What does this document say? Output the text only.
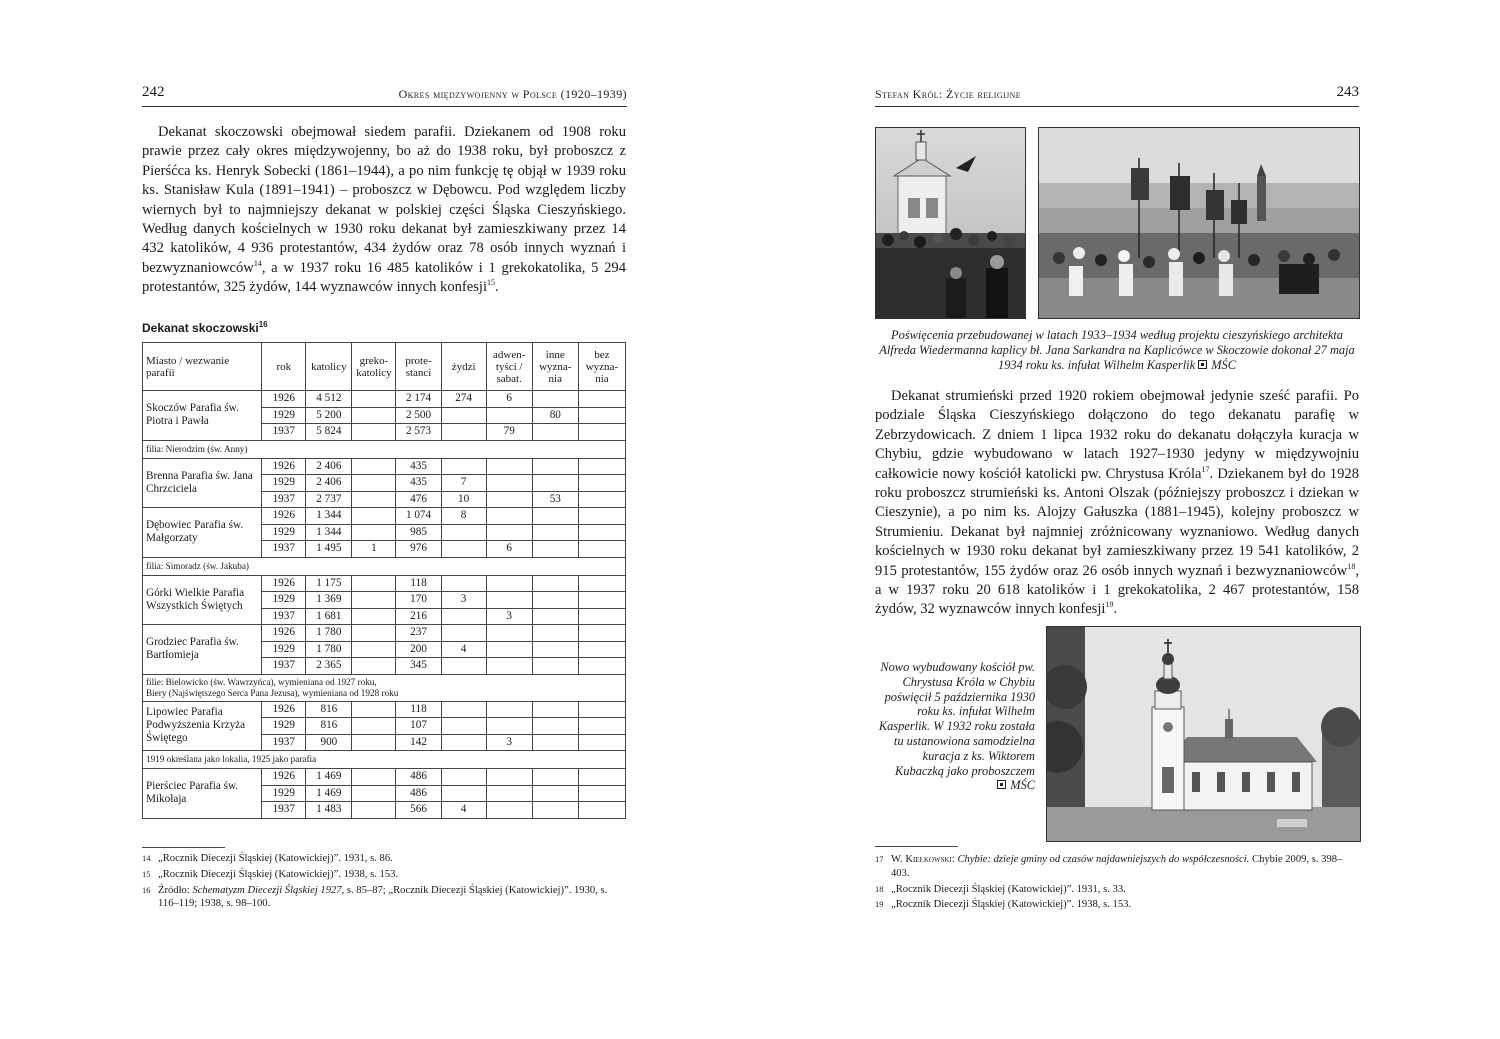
242	Okres międzywojenny w Polsce (1920–1939)

Dekanat skoczowski obejmował siedem parafii. Dziekanem od 1908 roku prawie przez cały okres międzywojenny, bo aż do 1938 roku, był proboszcz z Pierśćca ks. Henryk Sobecki (1861–1944), a po nim funkcję tę objął w 1939 roku ks. Stanisław Kula (1891–1941) – proboszcz w Dębowcu. Pod względem liczby wiernych był to najmniejszy dekanat w polskiej części Śląska Cieszyńskiego. Według danych kościelnych w 1930 roku dekanat był zamieszkiwany przez 14 432 katolików, 4 936 protestantów, 434 żydów oraz 78 osób innych wyznań i bezwyznaniowców$^{14}$, a w 1937 roku 16 485 katolików i 1 grekokatolika, 5 294 protestantów, 325 żydów, 144 wyznawców innych konfesji$^{15}$.

Dekanat skoczowski$^{16}$
Miasto / wezwanie parafii	rok	katolicy	greko-katolicy	prote-stanci	żydzi	adwen-tyści / sabat.	inne wyzna-nia	bez wyzna-nia
Skoczów Parafia św. Piotra i Pawła	1926	4 512		2 174	274	6		
	1929	5 200		2 500			80	
	1937	5 824		2 573		79		
filia: Nierodzim (św. Anny)								
Brenna Parafia św. Jana Chrzciciela	1926	2 406		435				
	1929	2 406		435	7			
	1937	2 737		476	10		53	
Dębowiec Parafia św. Małgorzaty	1926	1 344		1 074	8			
	1929	1 344		985				
	1937	1 495	1	976		6		
filia: Simoradz (św. Jakuba)								
Górki Wielkie Parafia Wszystkich Świętych	1926	1 175		118				
	1929	1 369		170	3			
	1937	1 681		216		3		
Grodziec Parafia św. Bartłomieja	1926	1 780		237				
	1929	1 780		200	4			
	1937	2 365		345				

filie: Bielowicko (św. Wawrzyńca), wymieniana od 1927 roku,
Biery (Najświętszego Serca Pana Jezusa), wymieniana od 1928 roku								

Lipowiec Parafia Podwyższenia Krzyża Świętego	1926	816		118				
	1929	816		107				
	1937	900		142		3		
1919 określana jako lokalia, 1925 jako parafia								
Pierściec Parafia św. Mikołaja	1926	1 469		486				
	1929	1 469		486				
	1937	1 483		566	4			
14 „Rocznik Diecezji Śląskiej (Katowickiej)”. 1931, s. 86.
15 „Rocznik Diecezji Śląskiej (Katowickiej)”. 1938, s. 153.
16 Źródło: Schematyzm Diecezji Śląskiej 1927, s. 85–87; „Rocznik Diecezji Śląskiej (Katowickiej)”. 1930, s. 116–119; 1938, s. 98–100.
Stefan Król: Życie religijne	243
Poświęcenia przebudowanej w latach 1933–1934 według projektu cieszyńskiego architekta Alfreda Wiedermanna kaplicy bł. Jana Sarkandra na Kaplicówce w Skoczowie dokonał 27 maja 1934 roku ks. infułat Wilhelm Kasperlik MŚC

Dekanat strumieński przed 1920 rokiem obejmował jedynie sześć parafii. Po podziale Śląska Cieszyńskiego dołączono do tego dekanatu parafię w Zebrzydowicach. Z dniem 1 lipca 1932 roku do dekanatu dołączyła kuracja w Chybiu, gdzie wybudowano w latach 1927–1930 jedyny w międzywojniu całkowicie nowy kościół katolicki pw. Chrystusa Króla$^{17}$. Dziekanem był do 1928 roku proboszcz strumieński ks. Antoni Olszak (późniejszy proboszcz i dziekan w Cieszynie), a po nim ks. Alojzy Gałuszka (1881–1945), kolejny proboszcz w Strumieniu. Dekanat był najmniej zróżnicowany wyznaniowo. Według danych kościelnych w 1930 roku dekanat był zamieszkiwany przez 19 541 katolików, 2 915 protestantów, 155 żydów oraz 26 osób innych wyznań i bezwyznaniowców$^{18}$, a w 1937 roku 20 618 katolików i 1 grekokatolika, 2 467 protestantów, 158 żydów, 32 wyznawców innych konfesji$^{19}$.

Nowo wybudowany kościół pw. Chrystusa Króla w Chybiu poświęcił 5 października 1930 roku ks. infułat Wilhelm Kasperlik. W 1932 roku została tu ustanowiona samodzielna kuracja z ks. Wiktorem Kubaczką jako proboszczem
MŚC
17 W. Kiełkowski: Chybie: dzieje gminy od czasów najdawniejszych do współczesności. Chybie 2009, s. 398–403.
18 „Rocznik Diecezji Śląskiej (Katowickiej)”. 1931, s. 33.
19 „Rocznik Diecezji Śląskiej (Katowickiej)”. 1938, s. 153.
